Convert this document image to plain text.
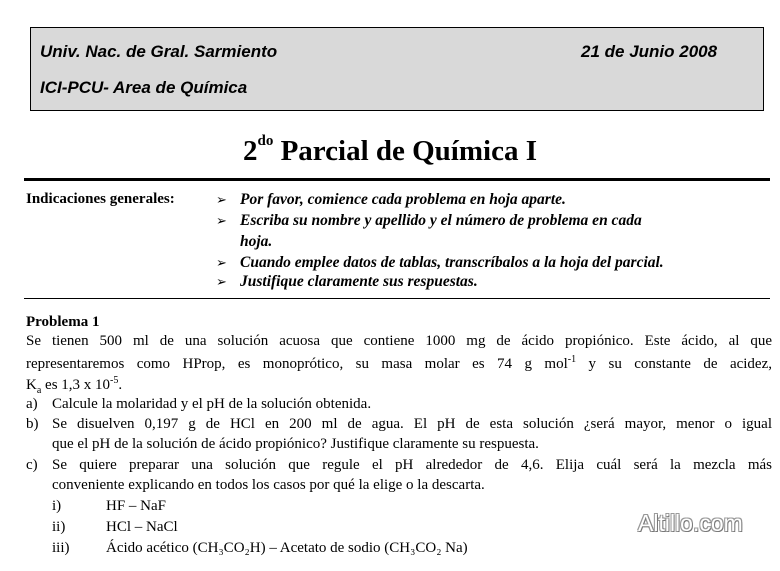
Univ. Nac. de Gral. Sarmiento	21 de Junio 2008
ICI-PCU- Area de Química
$2^{do}$ Parcial de Química I
Indicaciones generales:	➢ Por favor, comience cada problema en hoja aparte.
➢ Escriba su nombre y apellido y el número de problema en cada
hoja.
➢ Cuando emplee datos de tablas, transcríbalos a la hoja del parcial.
➢ Justifique claramente sus respuestas.
Problema 1
Se tienen 500 ml de una solución acuosa que contiene 1000 mg de ácido propiónico. Este ácido, al que
representaremos como HProp, es monoprótico, su masa molar es 74 g mol$^{-1}$ y su constante de acidez,
$K_a$ es 1,3 x $10^{-5}$.
a) Calcule la molaridad y el pH de la solución obtenida.
b) Se disuelven 0,197 g de HCl en 200 ml de agua. El pH de esta solución ¿será mayor, menor o igual
que el pH de la solución de ácido propiónico? Justifique claramente su respuesta.
c) Se quiere preparar una solución que regule el pH alrededor de 4,6. Elija cuál será la mezcla más
conveniente explicando en todos los casos por qué la elige o la descarta.
i)	HF – NaF
ii)	HCl – NaCl
iii) Ácido acético (CH₃CO₂H) – Acetato de sodio (CH₃CO₂ Na)
Altillo.com
